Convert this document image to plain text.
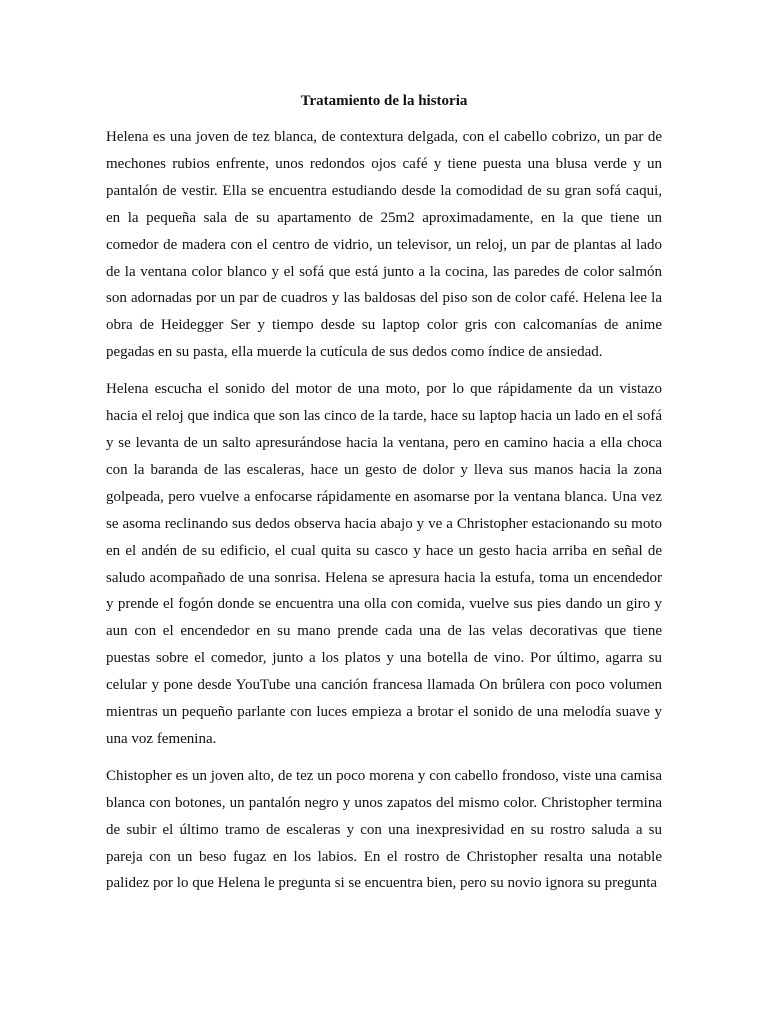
Tratamiento de la historia

Helena es una joven de tez blanca, de contextura delgada, con el cabello cobrizo, un par de mechones rubios enfrente, unos redondos ojos café y tiene puesta una blusa verde y un pantalón de vestir. Ella se encuentra estudiando desde la comodidad de su gran sofá caqui, en la pequeña sala de su apartamento de 25m2 aproximadamente, en la que tiene un comedor de madera con el centro de vidrio, un televisor, un reloj, un par de plantas al lado de la ventana color blanco y el sofá que está junto a la cocina, las paredes de color salmón son adornadas por un par de cuadros y las baldosas del piso son de color café. Helena lee la obra de Heidegger Ser y tiempo desde su laptop color gris con calcomanías de anime pegadas en su pasta, ella muerde la cutícula de sus dedos como índice de ansiedad.

Helena escucha el sonido del motor de una moto, por lo que rápidamente da un vistazo hacia el reloj que indica que son las cinco de la tarde, hace su laptop hacia un lado en el sofá y se levanta de un salto apresurándose hacia la ventana, pero en camino hacia a ella choca con la baranda de las escaleras, hace un gesto de dolor y lleva sus manos hacia la zona golpeada, pero vuelve a enfocarse rápidamente en asomarse por la ventana blanca. Una vez se asoma reclinando sus dedos observa hacia abajo y ve a Christopher estacionando su moto en el andén de su edificio, el cual quita su casco y hace un gesto hacia arriba en señal de saludo acompañado de una sonrisa. Helena se apresura hacia la estufa, toma un encendedor y prende el fogón donde se encuentra una olla con comida, vuelve sus pies dando un giro y aun con el encendedor en su mano prende cada una de las velas decorativas que tiene puestas sobre el comedor, junto a los platos y una botella de vino. Por último, agarra su celular y pone desde YouTube una canción francesa llamada On brûlera con poco volumen mientras un pequeño parlante con luces empieza a brotar el sonido de una melodía suave y una voz femenina.

Chistopher es un joven alto, de tez un poco morena y con cabello frondoso, viste una camisa blanca con botones, un pantalón negro y unos zapatos del mismo color. Christopher termina de subir el último tramo de escaleras y con una inexpresividad en su rostro saluda a su pareja con un beso fugaz en los labios. En el rostro de Christopher resalta una notable palidez por lo que Helena le pregunta si se encuentra bien, pero su novio ignora su pregunta
